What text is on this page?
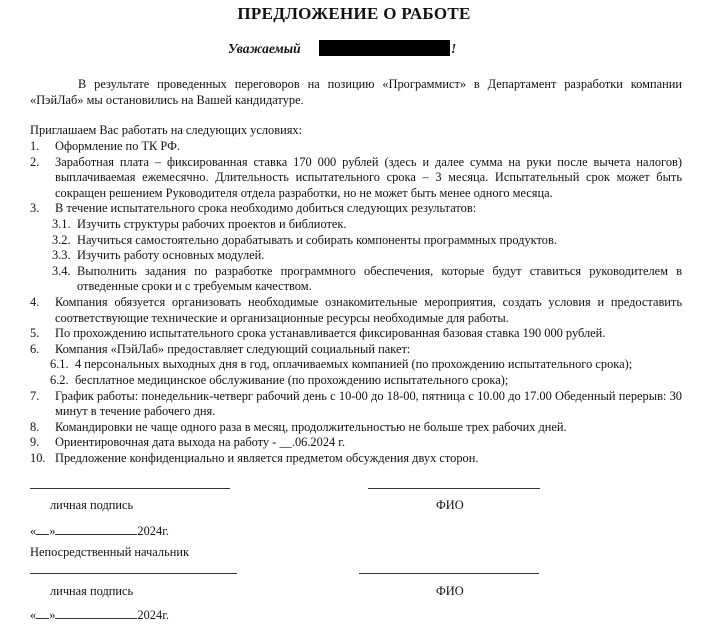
ПРЕДЛОЖЕНИЕ О РАБОТЕ
Уважаемый	!
В результате проведенных переговоров на позицию «Программист» в Департамент разработки компании «ПэйЛаб» мы остановились на Вашей кандидатуре.
Приглашаем Вас работать на следующих условиях:
1. Оформление по ТК РФ.
2. Заработная плата – фиксированная ставка 170 000 рублей (здесь и далее сумма на руки после вычета налогов) выплачиваемая ежемесячно. Длительность испытательного срока – 3 месяца. Испытательный срок может быть сокращен решением Руководителя отдела разработки, но не может быть менее одного месяца.
3. В течение испытательного срока необходимо добиться следующих результатов:
3.1. Изучить структуры рабочих проектов и библиотек.
3.2. Научиться самостоятельно дорабатывать и собирать компоненты программных продуктов.
3.3. Изучить работу основных модулей.
3.4. Выполнить задания по разработке программного обеспечения, которые будут ставиться руководителем в отведенные сроки и с требуемым качеством.
4. Компания обязуется организовать необходимые ознакомительные мероприятия, создать условия и предоставить соответствующие технические и организационные ресурсы необходимые для работы.
5. По прохождению испытательного срока устанавливается фиксированная базовая ставка 190 000 рублей.
6. Компания «ПэйЛаб» предоставляет следующий социальный пакет:
6.1. 4 персональных выходных дня в год, оплачиваемых компанией (по прохождению испытательного срока);
6.2. бесплатное медицинское обслуживание (по прохождению испытательного срока);
7. График работы: понедельник-четверг рабочий день с 10-00 до 18-00, пятница с 10.00 до 17.00 Обеденный перерыв: 30 минут в течение рабочего дня.
8. Командировки не чаще одного раза в месяц, продолжительностью не больше трех рабочих дней.
9. Ориентировочная дата выхода на работу - __.06.2024 г.
10. Предложение конфиденциально и является предметом обсуждения двух сторон.
личная подпись	ФИО
« »	2024г.
Непосредственный начальник
личная подпись	ФИО
« »	2024г.
